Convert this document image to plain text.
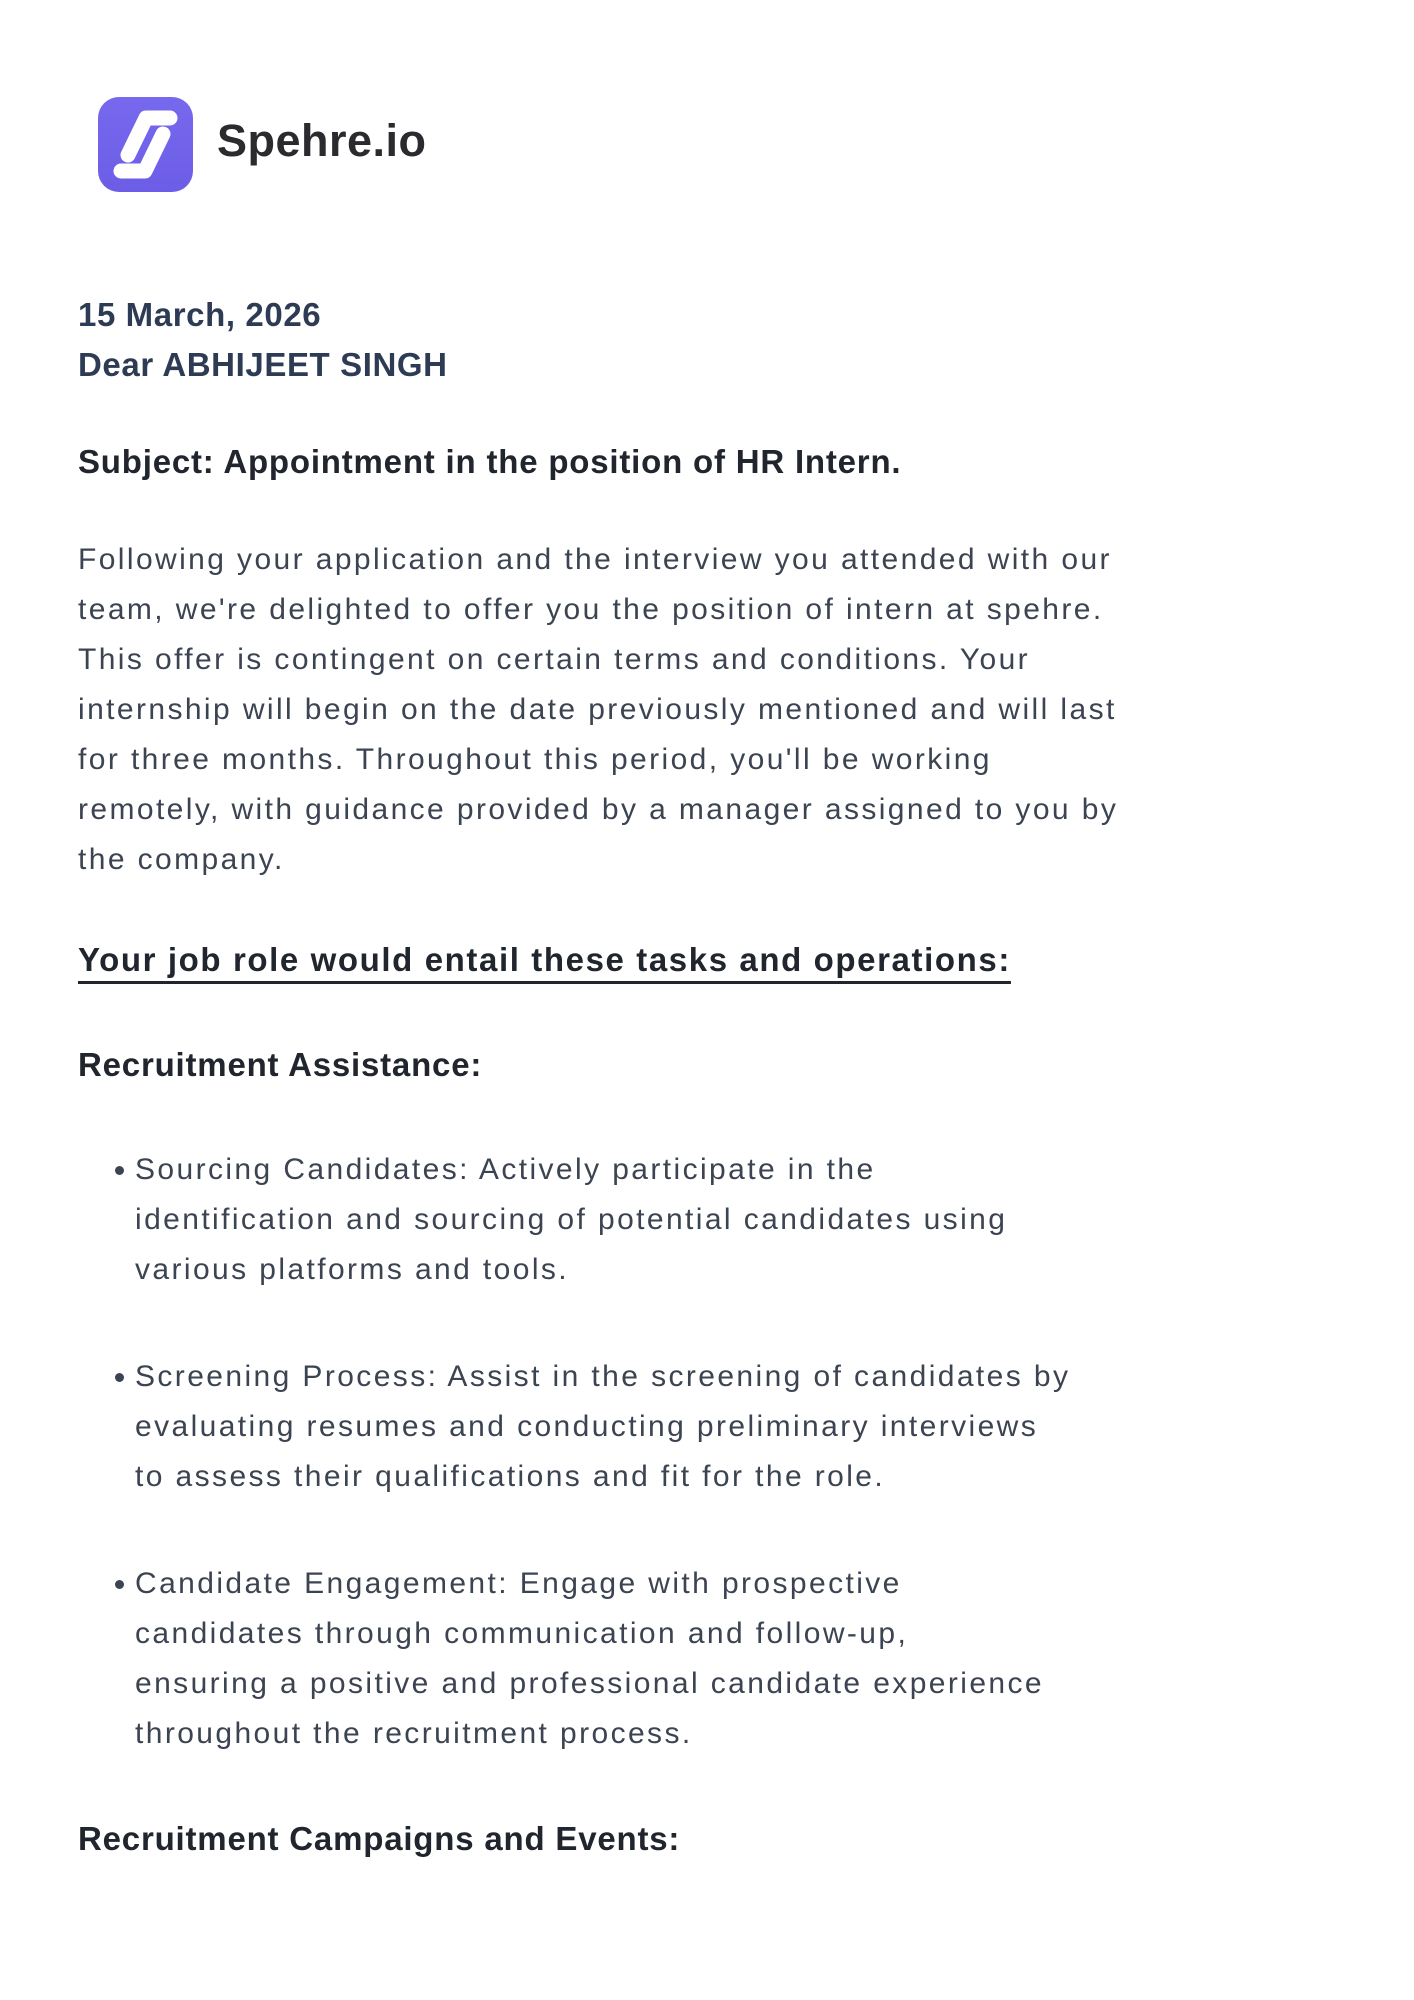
Spehre.io
15 March, 2026
Dear ABHIJEET SINGH
Subject: Appointment in the position of HR Intern.
Following your application and the interview you attended with our
team, we're delighted to offer you the position of intern at spehre.
This offer is contingent on certain terms and conditions. Your
internship will begin on the date previously mentioned and will last
for three months. Throughout this period, you'll be working
remotely, with guidance provided by a manager assigned to you by
the company.
Your job role would entail these tasks and operations:
Recruitment Assistance:
Sourcing Candidates: Actively participate in the
identification and sourcing of potential candidates using
various platforms and tools.
Screening Process: Assist in the screening of candidates by
evaluating resumes and conducting preliminary interviews
to assess their qualifications and fit for the role.
Candidate Engagement: Engage with prospective
candidates through communication and follow-up,
ensuring a positive and professional candidate experience
throughout the recruitment process.
Recruitment Campaigns and Events:
